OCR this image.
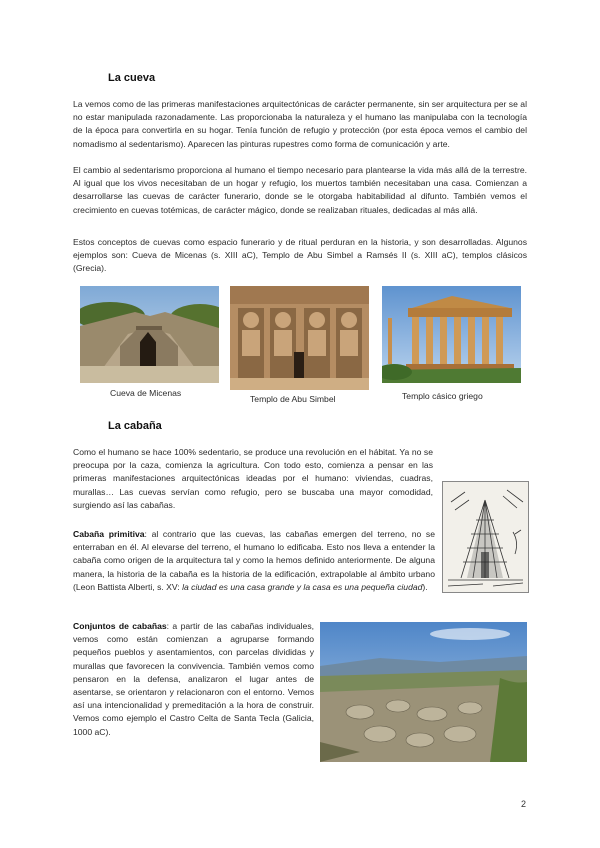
La cueva
La vemos como de las primeras manifestaciones arquitectónicas de carácter permanente, sin ser arquitectura per se al no estar manipulada razonadamente. Las proporcionaba la naturaleza y el humano las manipulaba con la tecnología de la época para convertirla en su hogar. Tenía función de refugio y protección (por esta época vemos el cambio del nomadismo al sedentarismo). Aparecen las pinturas rupestres como forma de comunicación y arte.
El cambio al sedentarismo proporciona al humano el tiempo necesario para plantearse la vida más allá de la terrestre. Al igual que los vivos necesitaban de un hogar y refugio, los muertos también necesitaban una casa. Comienzan a desarrollarse las cuevas de carácter funerario, donde se le otorgaba habitabilidad al difunto. También vemos el crecimiento en cuevas totémicas, de carácter mágico, donde se realizaban rituales, dedicadas al más allá.
Estos conceptos de cuevas como espacio funerario y de ritual perduran en la historia, y son desarrolladas. Algunos ejemplos son: Cueva de Micenas (s. XIII aC), Templo de Abu Simbel a Ramsés II (s. XIII aC), templos clásicos (Grecia).
Cueva de Micenas
Templo de Abu Simbel	Templo cásico griego
La cabaña
Como el humano se hace 100% sedentario, se produce una revolución en el hábitat. Ya no se preocupa por la caza, comienza la agricultura. Con todo esto, comienza a pensar en las primeras manifestaciones arquitectónicas ideadas por el humano: viviendas, cuadras, murallas… Las cuevas servían como refugio, pero se buscaba una mayor comodidad, surgiendo así las cabañas.
Cabaña primitiva: al contrario que las cuevas, las cabañas emergen del terreno, no se enterraban en él. Al elevarse del terreno, el humano lo edificaba. Esto nos lleva a entender la cabaña como origen de la arquitectura tal y como la hemos definido anteriormente. De alguna manera, la historia de la cabaña es la historia de la edificación, extrapolable al ámbito urbano (Leon Battista Alberti, s. XV: la ciudad es una casa grande y la casa es una pequeña ciudad).
Conjuntos de cabañas: a partir de las cabañas individuales, vemos como están comienzan a agruparse formando pequeños pueblos y asentamientos, con parcelas divididas y murallas que favorecen la convivencia. También vemos como pensaron en la defensa, analizaron el lugar antes de asentarse, se orientaron y relacionaron con el entorno. Vemos así una intencionalidad y premeditación a la hora de construir. Vemos como ejemplo el Castro Celta de Santa Tecla (Galicia, 1000 aC).
2
